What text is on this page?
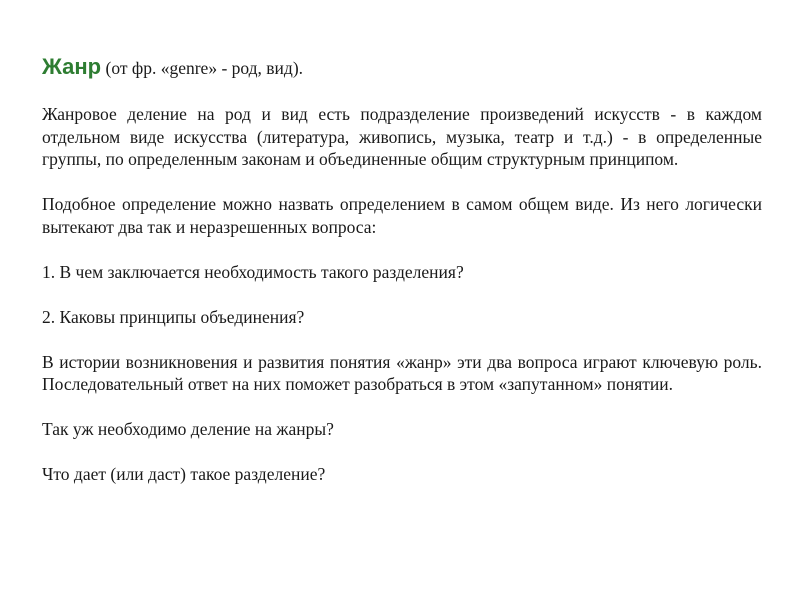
Жанр (от фр. «genre» - род, вид).

Жанровое деление на род и вид есть подразделение произведений искусств - в каждом отдельном виде искусства (литература, живопись, музыка, театр и т.д.) - в определенные группы, по определенным законам и объединенные общим структурным принципом.

Подобное определение можно назвать определением в самом общем виде. Из него логически вытекают два так и неразрешенных вопроса:

1. В чем заключается необходимость такого разделения?

2. Каковы принципы объединения?

В истории возникновения и развития понятия «жанр» эти два вопроса играют ключевую роль. Последовательный ответ на них поможет разобраться в этом «запутанном» понятии.

Так уж необходимо деление на жанры?

Что дает (или даст) такое разделение?
